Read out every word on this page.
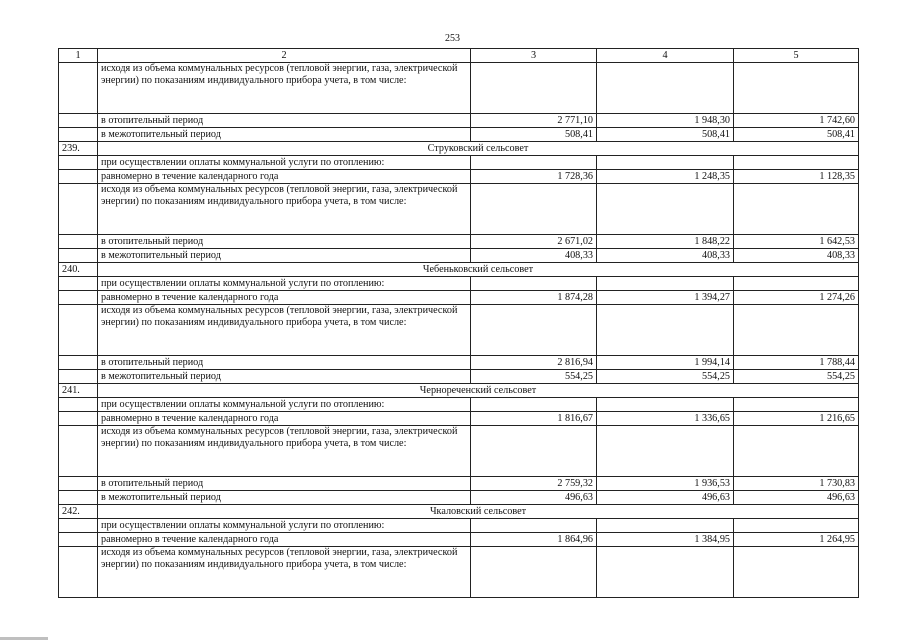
253
1	2	3	4	5
	исходя из объема коммунальных ресурсов (тепловой энергии, газа, электрической энергии) по показаниям индивидуального прибора учета, в том числе:			
	в отопительный период	2 771,10	1 948,30	1 742,60
	в межотопительный период	508,41	508,41	508,41
239.	Струковский сельсовет			
	при осуществлении оплаты коммунальной услуги по отоплению:			
	равномерно в течение календарного года	1 728,36	1 248,35	1 128,35
	исходя из объема коммунальных ресурсов (тепловой энергии, газа, электрической энергии) по показаниям индивидуального прибора учета, в том числе:			
	в отопительный период	2 671,02	1 848,22	1 642,53
	в межотопительный период	408,33	408,33	408,33
240.	Чебеньковский сельсовет			
	при осуществлении оплаты коммунальной услуги по отоплению:			
	равномерно в течение календарного года	1 874,28	1 394,27	1 274,26
	исходя из объема коммунальных ресурсов (тепловой энергии, газа, электрической энергии) по показаниям индивидуального прибора учета, в том числе:			
	в отопительный период	2 816,94	1 994,14	1 788,44
	в межотопительный период	554,25	554,25	554,25
241.	Чернореченский сельсовет			
	при осуществлении оплаты коммунальной услуги по отоплению:			
	равномерно в течение календарного года	1 816,67	1 336,65	1 216,65
	исходя из объема коммунальных ресурсов (тепловой энергии, газа, электрической энергии) по показаниям индивидуального прибора учета, в том числе:			
	в отопительный период	2 759,32	1 936,53	1 730,83
	в межотопительный период	496,63	496,63	496,63
242.	Чкаловский сельсовет			
	при осуществлении оплаты коммунальной услуги по отоплению:			
	равномерно в течение календарного года	1 864,96	1 384,95	1 264,95
	исходя из объема коммунальных ресурсов (тепловой энергии, газа, электрической энергии) по показаниям индивидуального прибора учета, в том числе:			
